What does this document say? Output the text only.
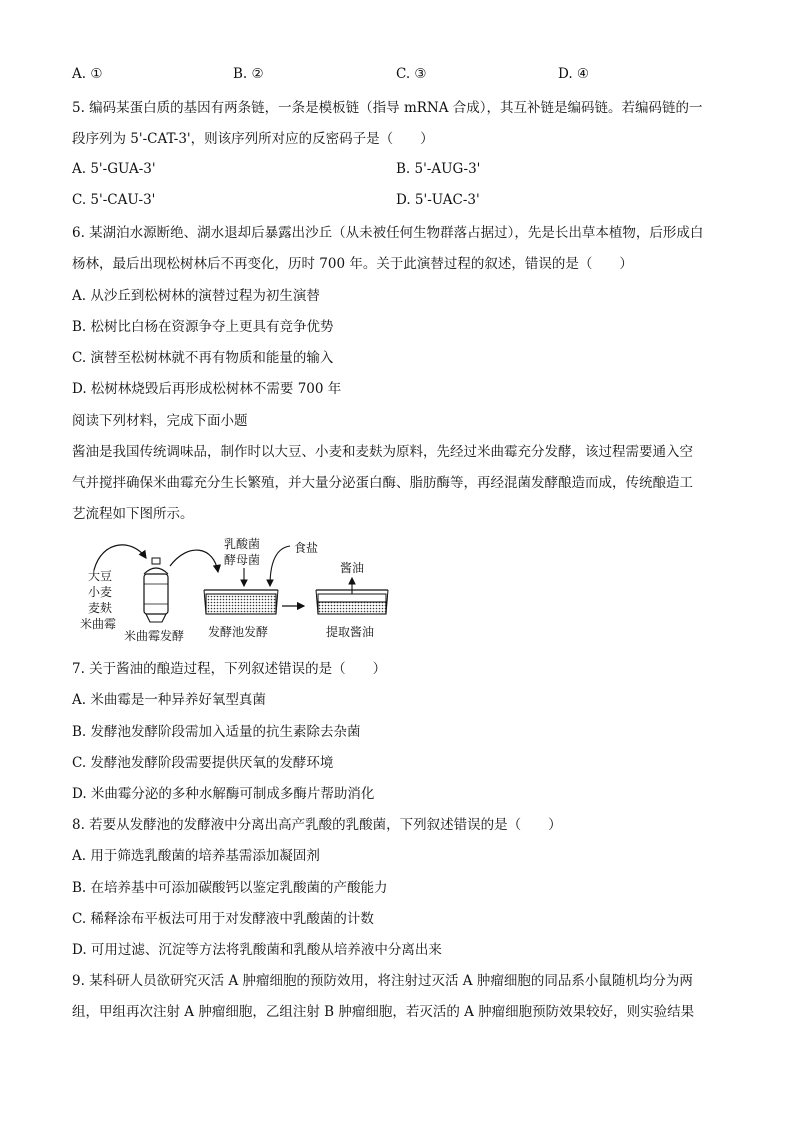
A. ①	B. ②	C. ③	D. ④
5. 编码某蛋白质的基因有两条链，一条是模板链（指导 mRNA 合成），其互补链是编码链。若编码链的一
段序列为 5'-CAT-3'，则该序列所对应的反密码子是（　　）
A. 5'-GUA-3'	B. 5'-AUG-3'
C. 5'-CAU-3'	D. 5'-UAC-3'
6. 某湖泊水源断绝、湖水退却后暴露出沙丘（从未被任何生物群落占据过），先是长出草本植物，后形成白
杨林，最后出现松树林后不再变化，历时 700 年。关于此演替过程的叙述，错误的是（　　）
A. 从沙丘到松树林的演替过程为初生演替
B. 松树比白杨在资源争夺上更具有竞争优势
C. 演替至松树林就不再有物质和能量的输入
D. 松树林烧毁后再形成松树林不需要 700 年
阅读下列材料，完成下面小题
酱油是我国传统调味品，制作时以大豆、小麦和麦麸为原料，先经过米曲霉充分发酵，该过程需要通入空
气并搅拌确保米曲霉充分生长繁殖，并大量分泌蛋白酶、脂肪酶等，再经混菌发酵酿造而成，传统酿造工
艺流程如下图所示。
大豆
小麦
麦麸
米曲霉
米曲霉发酵
乳酸菌
酵母菌
食盐
发酵池发酵
酱油
提取酱油
7. 关于酱油的酿造过程，下列叙述错误的是（　　）
A. 米曲霉是一种异养好氧型真菌
B. 发酵池发酵阶段需加入适量的抗生素除去杂菌
C. 发酵池发酵阶段需要提供厌氧的发酵环境
D. 米曲霉分泌的多种水解酶可制成多酶片帮助消化
8. 若要从发酵池的发酵液中分离出高产乳酸的乳酸菌，下列叙述错误的是（　　）
A. 用于筛选乳酸菌的培养基需添加凝固剂
B. 在培养基中可添加碳酸钙以鉴定乳酸菌的产酸能力
C. 稀释涂布平板法可用于对发酵液中乳酸菌的计数
D. 可用过滤、沉淀等方法将乳酸菌和乳酸从培养液中分离出来
9. 某科研人员欲研究灭活 A 肿瘤细胞的预防效用，将注射过灭活 A 肿瘤细胞的同品系小鼠随机均分为两
组，甲组再次注射 A 肿瘤细胞，乙组注射 B 肿瘤细胞，若灭活的 A 肿瘤细胞预防效果较好，则实验结果
